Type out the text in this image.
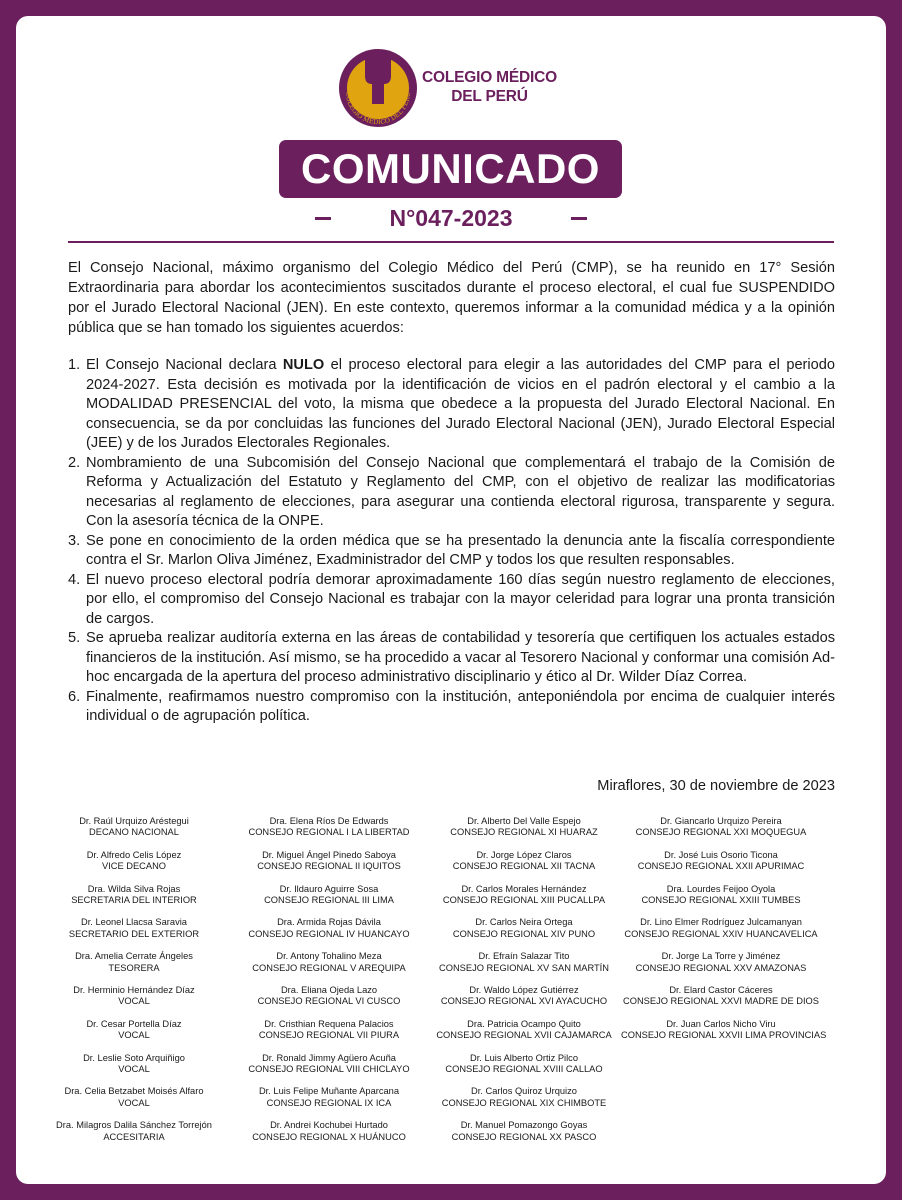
COLEGIO MÉDICO DEL PERÚ
COLEGIO MÉDICO
DEL PERÚ
COMUNICADO
N°047-2023

El Consejo Nacional, máximo organismo del Colegio Médico del Perú (CMP), se ha reunido en 17° Sesión Extraordinaria para abordar los acontecimientos suscitados durante el proceso electoral, el cual fue SUSPENDIDO por el Jurado Electoral Nacional (JEN). En este contexto, queremos informar a la comunidad médica y a la opinión pública que se han tomado los siguientes acuerdos:

1. El Consejo Nacional declara NULO el proceso electoral para elegir a las autoridades del CMP para el periodo 2024-2027. Esta decisión es motivada por la identificación de vicios en el padrón electoral y el cambio a la MODALIDAD PRESENCIAL del voto, la misma que obedece a la propuesta del Jurado Electoral Nacional. En consecuencia, se da por concluidas las funciones del Jurado Electoral Nacional (JEN), Jurado Electoral Especial (JEE) y de los Jurados Electorales Regionales.
2. Nombramiento de una Subcomisión del Consejo Nacional que complementará el trabajo de la Comisión de Reforma y Actualización del Estatuto y Reglamento del CMP, con el objetivo de realizar las modificatorias necesarias al reglamento de elecciones, para asegurar una contienda electoral rigurosa, transparente y segura. Con la asesoría técnica de la ONPE.
3. Se pone en conocimiento de la orden médica que se ha presentado la denuncia ante la fiscalía correspondiente contra el Sr. Marlon Oliva Jiménez, Exadministrador del CMP y todos los que resulten responsables.
4. El nuevo proceso electoral podría demorar aproximadamente 160 días según nuestro reglamento de elecciones, por ello, el compromiso del Consejo Nacional es trabajar con la mayor celeridad para lograr una pronta transición de cargos.
5. Se aprueba realizar auditoría externa en las áreas de contabilidad y tesorería que certifiquen los actuales estados financieros de la institución. Así mismo, se ha procedido a vacar al Tesorero Nacional y conformar una comisión Ad-hoc encargada de la apertura del proceso administrativo disciplinario y ético al Dr. Wilder Díaz Correa.
6. Finalmente, reafirmamos nuestro compromiso con la institución, anteponiéndola por encima de cualquier interés individual o de agrupación política.
Miraflores, 30 de noviembre de 2023
Dr. Raúl Urquizo Aréstegui
DECANO NACIONAL
Dr. Alfredo Celis López
VICE DECANO
Dra. Wilda Silva Rojas
SECRETARIA DEL INTERIOR
Dr. Leonel Llacsa Saravia
SECRETARIO DEL EXTERIOR
Dra. Amelia Cerrate Ángeles
TESORERA
Dr. Herminio Hernández Díaz
VOCAL
Dr. Cesar Portella Díaz
VOCAL
Dr. Leslie Soto Arquiñigo
VOCAL
Dra. Celia Betzabet Moisés Alfaro
VOCAL
Dra. Milagros Dalila Sánchez Torrejón
ACCESITARIA
Dra. Elena Ríos De Edwards
CONSEJO REGIONAL I LA LIBERTAD
Dr. Miguel Ángel Pinedo Saboya
CONSEJO REGIONAL II IQUITOS
Dr. Ildauro Aguirre Sosa
CONSEJO REGIONAL III LIMA
Dra. Armida Rojas Dávila
CONSEJO REGIONAL IV HUANCAYO
Dr. Antony Tohalino Meza
CONSEJO REGIONAL V AREQUIPA
Dra. Eliana Ojeda Lazo
CONSEJO REGIONAL VI CUSCO
Dr. Cristhian Requena Palacios
CONSEJO REGIONAL VII PIURA
Dr. Ronald Jimmy Agüero Acuña
CONSEJO REGIONAL VIII CHICLAYO
Dr. Luis Felipe Muñante Aparcana
CONSEJO REGIONAL IX ICA
Dr. Andrei Kochubei Hurtado
CONSEJO REGIONAL X HUÁNUCO
Dr. Alberto Del Valle Espejo
CONSEJO REGIONAL XI HUARAZ
Dr. Jorge López Claros
CONSEJO REGIONAL XII TACNA
Dr. Carlos Morales Hernández
CONSEJO REGIONAL XIII PUCALLPA
Dr. Carlos Neira Ortega
CONSEJO REGIONAL XIV PUNO
Dr. Efraín Salazar Tito
CONSEJO REGIONAL XV SAN MARTÍN
Dr. Waldo López Gutiérrez
CONSEJO REGIONAL XVI AYACUCHO
Dra. Patricia Ocampo Quito
CONSEJO REGIONAL XVII CAJAMARCA
Dr. Luis Alberto Ortiz Pilco
CONSEJO REGIONAL XVIII CALLAO
Dr. Carlos Quiroz Urquizo
CONSEJO REGIONAL XIX CHIMBOTE
Dr. Manuel Pomazongo Goyas
CONSEJO REGIONAL XX PASCO
Dr. Giancarlo Urquizo Pereira
CONSEJO REGIONAL XXI MOQUEGUA
Dr. José Luis Osorio Ticona
CONSEJO REGIONAL XXII APURIMAC
Dra. Lourdes Feijoo Oyola
CONSEJO REGIONAL XXIII TUMBES
Dr. Lino Elmer Rodríguez Julcamanyan
CONSEJO REGIONAL XXIV HUANCAVELICA
Dr. Jorge La Torre y Jiménez
CONSEJO REGIONAL XXV AMAZONAS
Dr. Elard Castor Cáceres
CONSEJO REGIONAL XXVI MADRE DE DIOS
Dr. Juan Carlos Nicho Viru
CONSEJO REGIONAL XXVII LIMA PROVINCIAS
